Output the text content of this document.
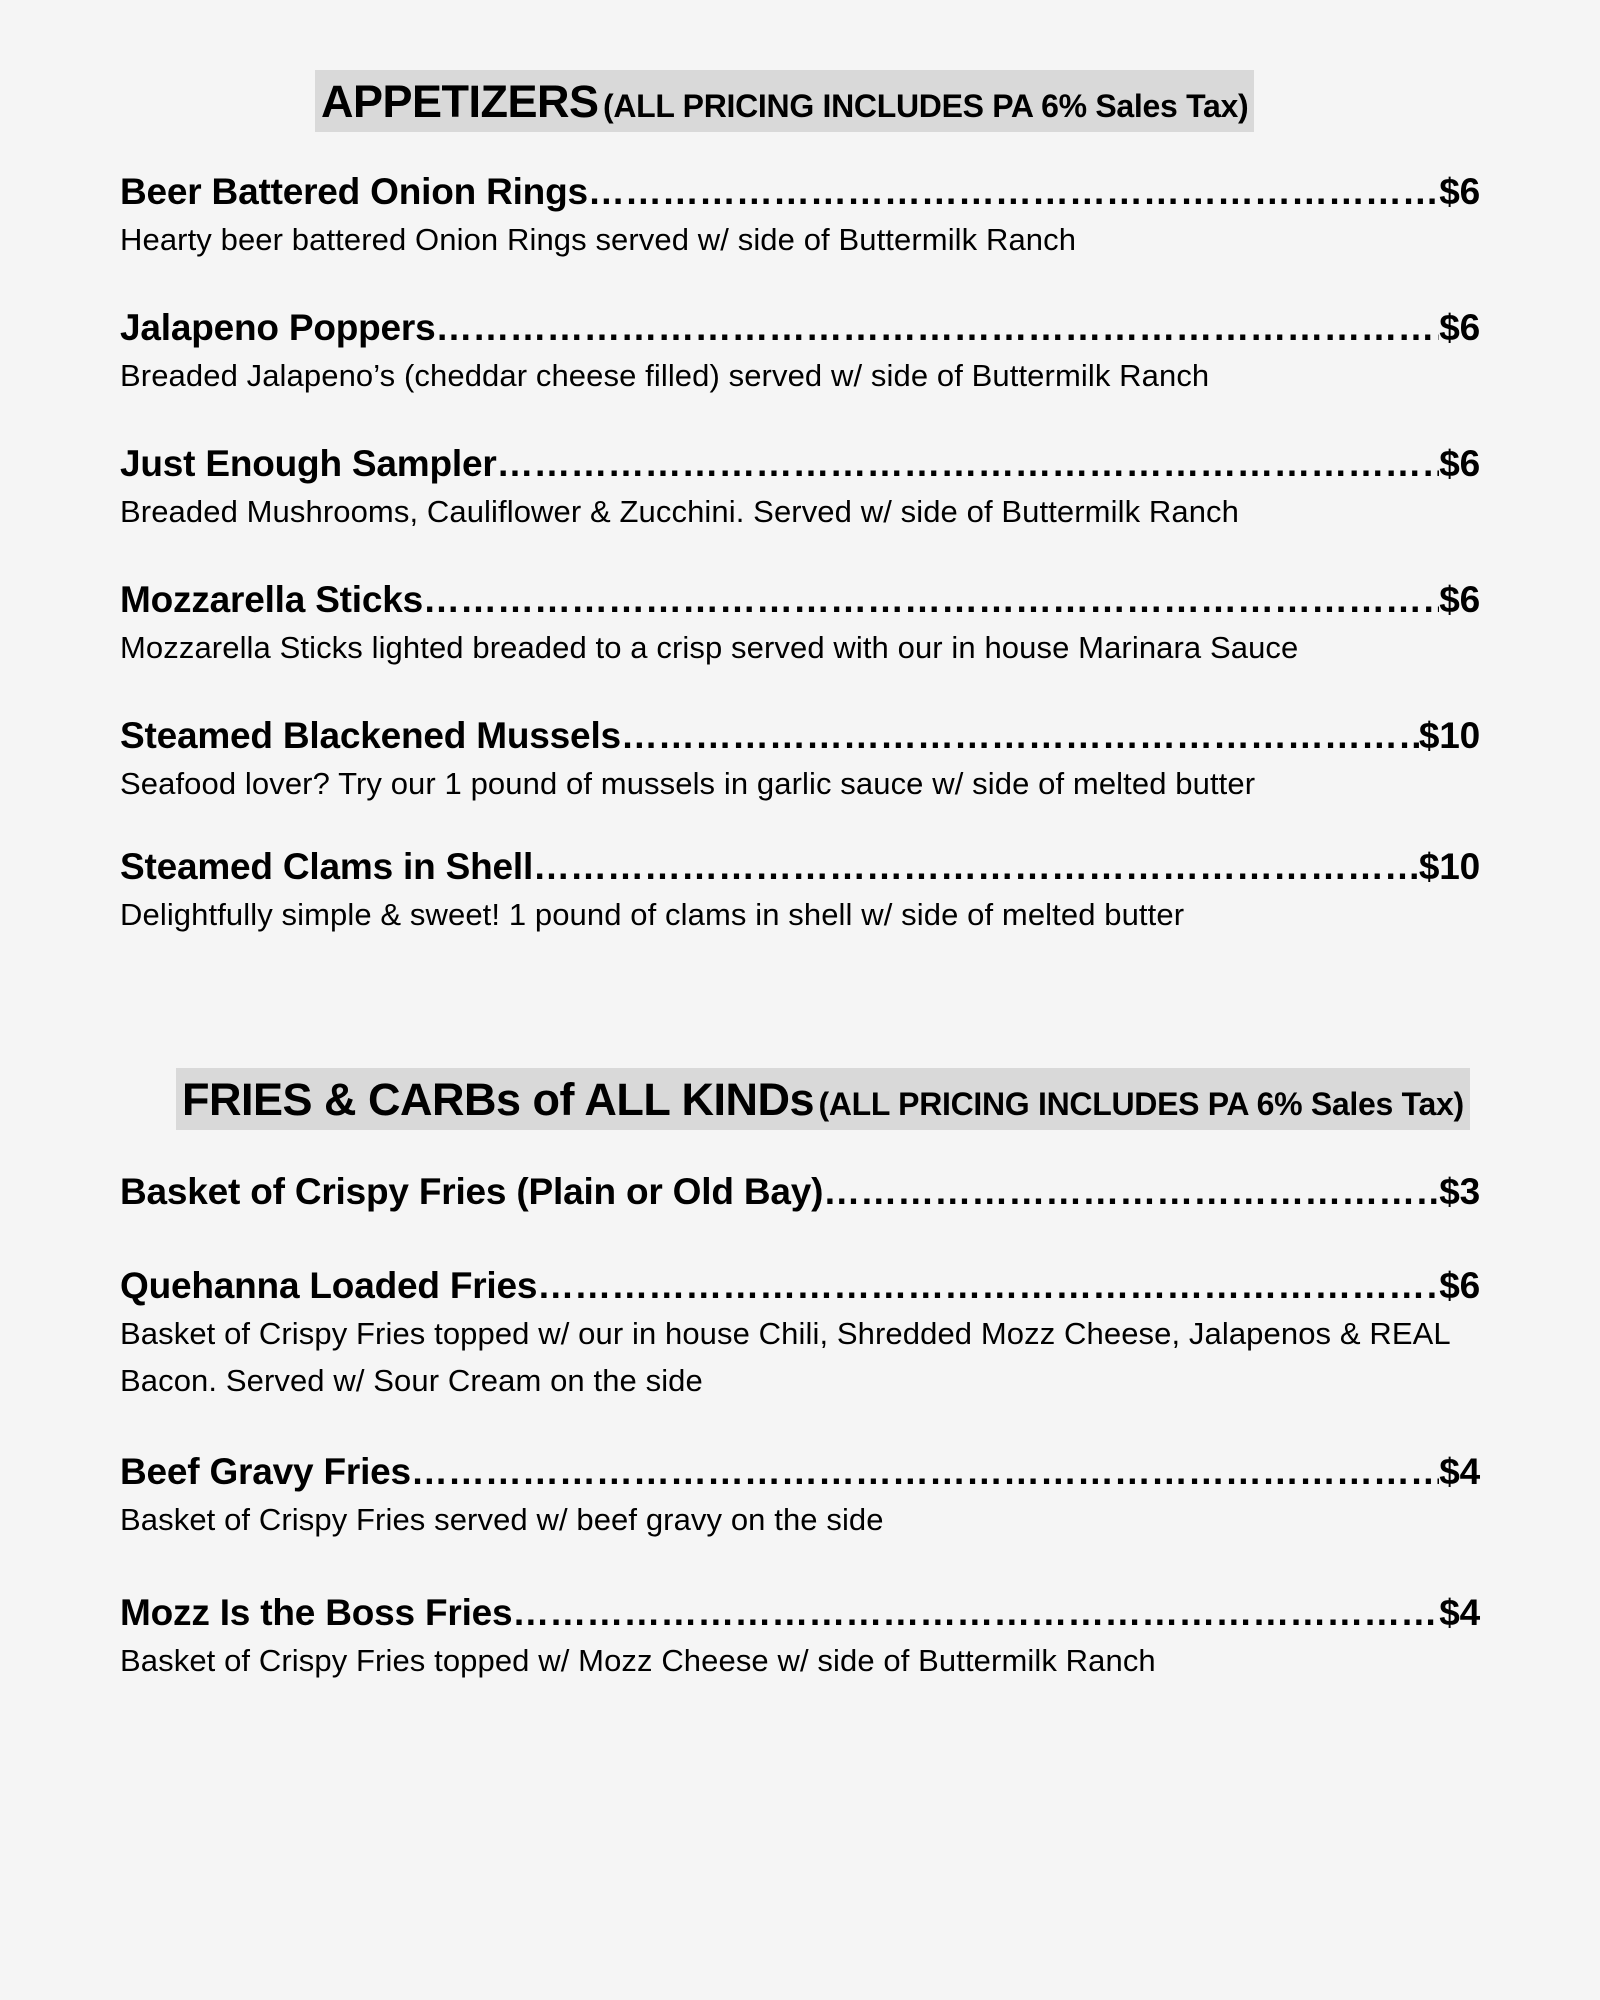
APPETIZERS (ALL PRICING INCLUDES PA 6% Sales Tax)
Beer Battered Onion Rings ……………………………………………………………………………………………………………………………………………………………………………………………………………	$6
Hearty beer battered Onion Rings served w/ side of Buttermilk Ranch
Jalapeno Poppers ……………………………………………………………………………………………………………………………………………………………………………………………………………	$6
Breaded Jalapeno’s (cheddar cheese filled) served w/ side of Buttermilk Ranch
Just Enough Sampler ……………………………………………………………………………………………………………………………………………………………………………………………………………	$6
Breaded Mushrooms, Cauliflower & Zucchini. Served w/ side of Buttermilk Ranch
Mozzarella Sticks ……………………………………………………………………………………………………………………………………………………………………………………………………………	$6
Mozzarella Sticks lighted breaded to a crisp served with our in house Marinara Sauce
Steamed Blackened Mussels ……………………………………………………………………………………………………………………………………………………………………………………………………………	$10
Seafood lover? Try our 1 pound of mussels in garlic sauce w/ side of melted butter
Steamed Clams in Shell ……………………………………………………………………………………………………………………………………………………………………………………………………………	$10
Delightfully simple & sweet! 1 pound of clams in shell w/ side of melted butter
FRIES & CARBs of ALL KINDs (ALL PRICING INCLUDES PA 6% Sales Tax)
Basket of Crispy Fries (Plain or Old Bay) ……………………………………………………………………………………………………………………………………………………………………………………………………………	$3
Quehanna Loaded Fries ……………………………………………………………………………………………………………………………………………………………………………………………………………	$6
Basket of Crispy Fries topped w/ our in house Chili, Shredded Mozz Cheese, Jalapenos & REAL Bacon. Served w/ Sour Cream on the side
Beef Gravy Fries ……………………………………………………………………………………………………………………………………………………………………………………………………………	$4
Basket of Crispy Fries served w/ beef gravy on the side
Mozz Is the Boss Fries ……………………………………………………………………………………………………………………………………………………………………………………………………………	$4
Basket of Crispy Fries topped w/ Mozz Cheese w/ side of Buttermilk Ranch
